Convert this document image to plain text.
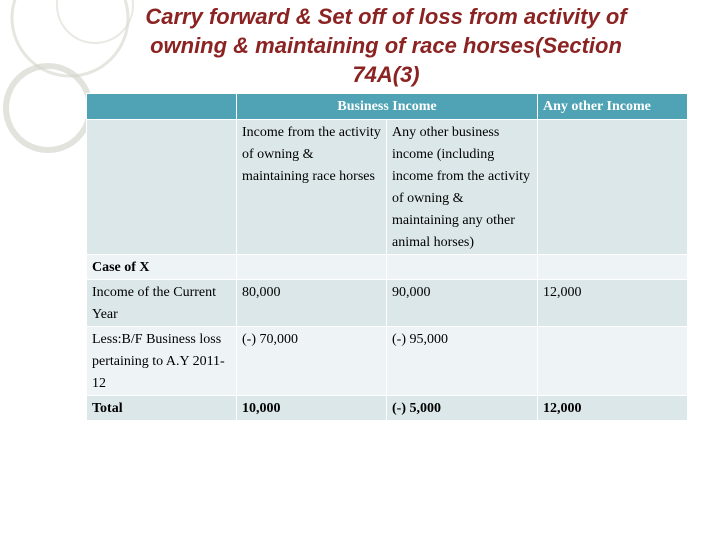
Carry forward & Set off of loss from activity of
owning & maintaining of race horses(Section
74A(3)
	Business Income		Any other Income
	Income from the activity of owning & maintaining race horses	Any other business income (including income from the activity of owning & maintaining any other animal horses)	
Case of X			
Income of the Current Year	80,000	90,000	12,000
Less:B/F Business loss pertaining to A.Y 2011-12	(-) 70,000	(-) 95,000	
Total	10,000	(-) 5,000	12,000
